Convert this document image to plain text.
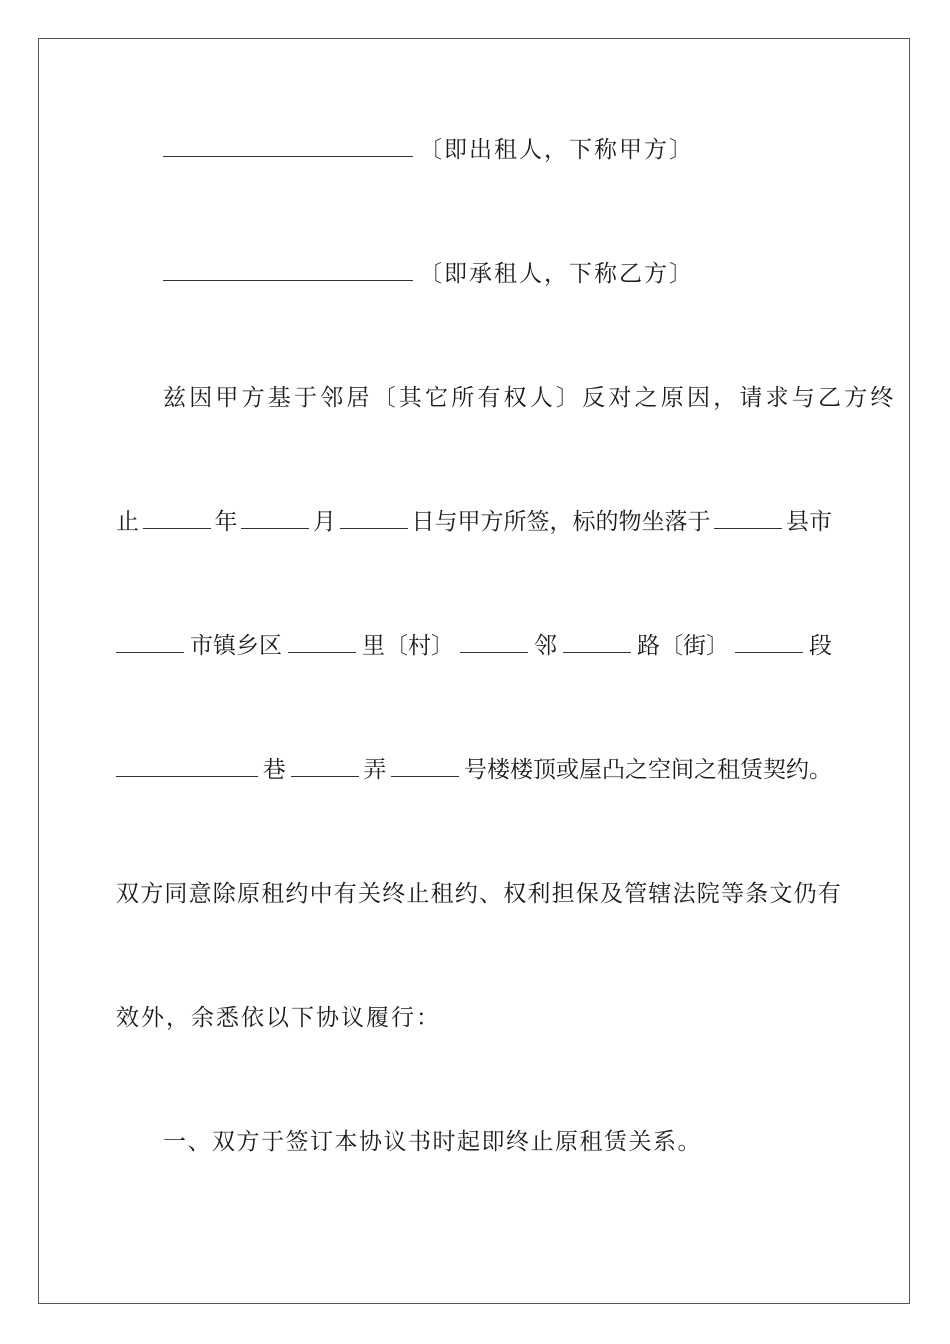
〔即出租人，下称甲方〕
〔即承租人，下称乙方〕
兹因甲方基于邻居〔其它所有权人〕反对之原因，请求与乙方终
止	年	月	日与甲方所签，标的物坐落于	县市
市镇乡区	里〔村〕	邻	路〔街〕	段
巷	弄	号楼楼顶或屋凸之空间之租赁契约。
双方同意除原租约中有关终止租约、权利担保及管辖法院等条文仍有
效外，余悉依以下协议履行：
一、双方于签订本协议书时起即终止原租赁关系。
